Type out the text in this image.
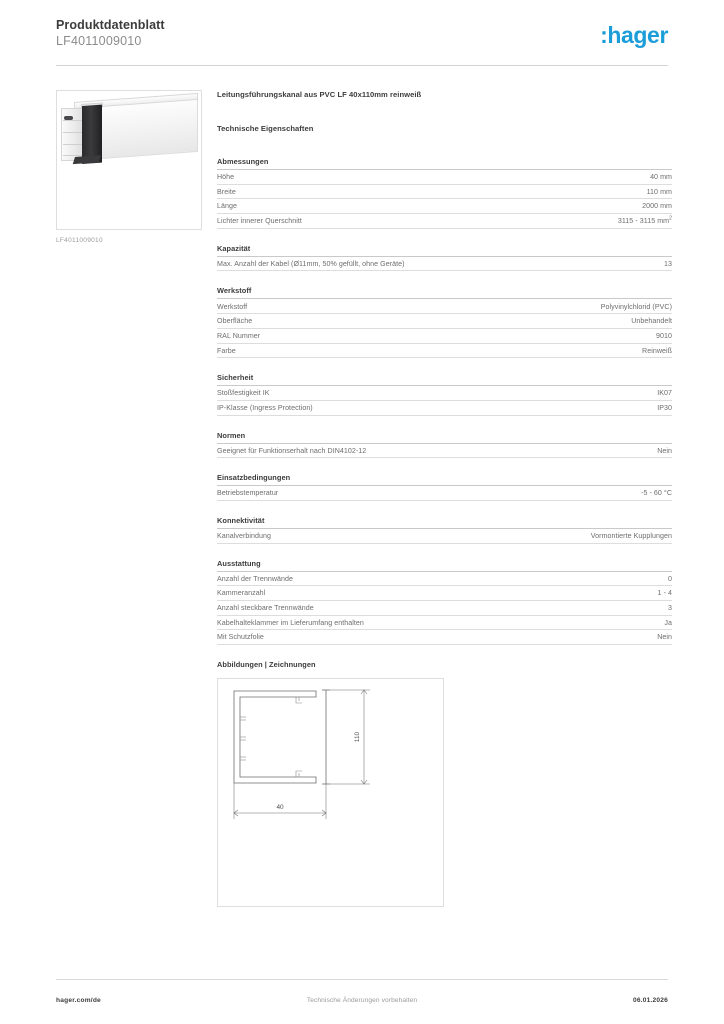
Produktdatenblatt
LF4011009010	:hager
LF4011009010
Leitungsführungskanal aus PVC LF 40x110mm reinweiß
Technische Eigenschaften
Abmessungen
Höhe	40 mm
Breite	110 mm
Länge	2000 mm
Lichter innerer Querschnitt	3115 - 3115 $mm^2$
Kapazität
Max. Anzahl der Kabel (Ø11mm, 50% gefüllt, ohne Geräte)	13
Werkstoff
Werkstoff	Polyvinylchlorid (PVC)
Oberfläche	Unbehandelt
RAL Nummer	9010
Farbe	Reinweiß
Sicherheit
Stoßfestigkeit IK	IK07
IP-Klasse (Ingress Protection)	IP30
Normen
Geeignet für Funktionserhalt nach DIN4102-12	Nein
Einsatzbedingungen
Betriebstemperatur	-5 - 60 °C
Konnektivität
Kanalverbindung	Vormontierte Kupplungen
Ausstattung
Anzahl der Trennwände	0
Kammeranzahl	1 - 4
Anzahl steckbare Trennwände	3
Kabelhalteklammer im Lieferumfang enthalten	Ja
Mit Schutzfolie	Nein
Abbildungen | Zeichnungen
110
40
hager.com/de	Technische Änderungen vorbehalten	06.01.2026
